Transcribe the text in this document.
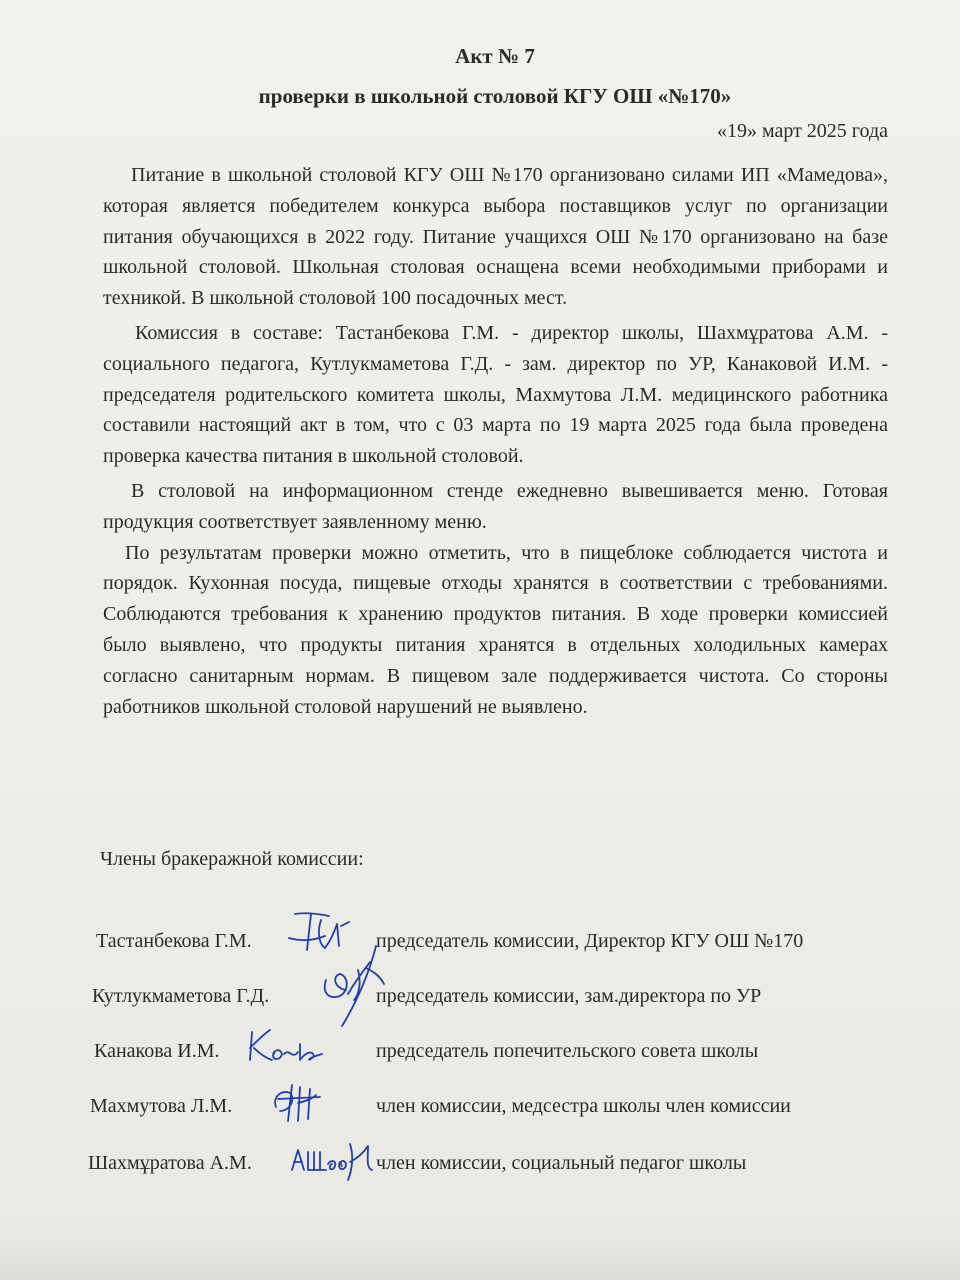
Акт № 7
проверки в школьной столовой КГУ ОШ «№170»
«19» март 2025 года

Питание в школьной столовой КГУ ОШ №170 организовано силами ИП «Мамедова», которая является победителем конкурса выбора поставщиков услуг по организации питания обучающихся в 2022 году. Питание учащихся ОШ №170 организовано на базе школьной столовой. Школьная столовая оснащена всеми необходимыми приборами и техникой. В школьной столовой 100 посадочных мест.

Комиссия в составе: Тастанбекова Г.М. - директор школы, Шахмұратова А.М. - социального педагога, Кутлукмаметова Г.Д. - зам. директор по УР, Канаковой И.М. - председателя родительского комитета школы, Махмутова Л.М. медицинского работника составили настоящий акт в том, что с 03 марта по 19 марта 2025 года была проведена проверка качества питания в школьной столовой.

В столовой на информационном стенде ежедневно вывешивается меню. Готовая продукция соответствует заявленному меню.

По результатам проверки можно отметить, что в пищеблоке соблюдается чистота и порядок. Кухонная посуда, пищевые отходы хранятся в соответствии с требованиями. Соблюдаются требования к хранению продуктов питания. В ходе проверки комиссией было выявлено, что продукты питания хранятся в отдельных холодильных камерах согласно санитарным нормам. В пищевом зале поддерживается чистота. Со стороны работников школьной столовой нарушений не выявлено.

Члены бракеражной комиссии:
Тастанбекова Г.М.	председатель комиссии, Директор КГУ ОШ №170
Кутлукмаметова Г.Д.	председатель комиссии, зам.директора по УР
Канакова И.М.	председатель попечительского совета школы
Махмутова Л.М.	член комиссии, медсестра школы член комиссии
Шахмұратова А.М.	член комиссии, социальный педагог школы
